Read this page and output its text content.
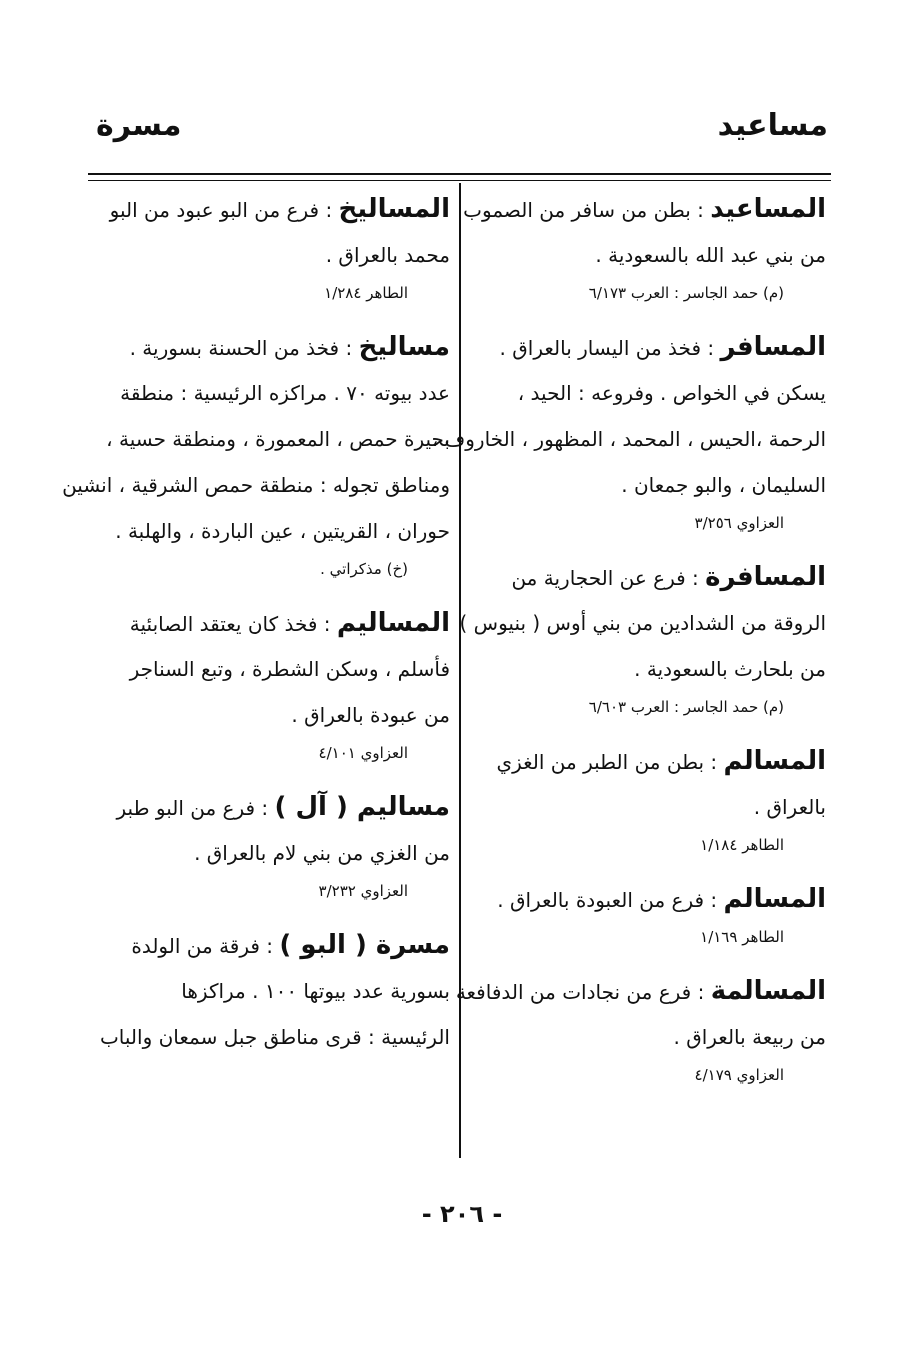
مساعيد
مسرة
المساعيد : بطن من سافر من الصموب
من بني عبد الله بالسعودية .
(م) حمد الجاسر : العرب ٦/١٧٣
المسافر : فخذ من اليسار بالعراق .
يسكن في الخواص . وفروعه : الحيد ،
الرحمة ،الحيس ، المحمد ، المظهور ، الخاروف ،
السليمان ، والبو جمعان .
العزاوي ٣/٢٥٦
المسافرة : فرع عن الحجارية من
الروقة من الشدادين من بني أوس ( بنيوس )
من بلحارث بالسعودية .
(م) حمد الجاسر : العرب ٦/٦٠٣
المسالم : بطن من الطبر من الغزي
بالعراق .
الطاهر ١/١٨٤
المسالم : فرع من العبودة بالعراق .
الطاهر ١/١٦٩
المسالمة : فرع من نجادات من الدفافعة
من ربيعة بالعراق .
العزاوي ٤/١٧٩
المساليخ : فرع من البو عبود من البو
محمد بالعراق .
الطاهر ١/٢٨٤
مساليخ : فخذ من الحسنة بسورية .
عدد بيوته ٧٠ . مراكزه الرئيسية : منطقة
بحيرة حمص ، المعمورة ، ومنطقة حسية ،
ومناطق تجوله : منطقة حمص الشرقية ، انشين
حوران ، القريتين ، عين الباردة ، والهلبة .
(خ) مذكراتي .
المساليم : فخذ كان يعتقد الصابئية
فأسلم ، وسكن الشطرة ، وتبع السناجر
من عبودة بالعراق .
العزاوي ٤/١٠١
مساليم ( آل ) : فرع من البو طبر
من الغزي من بني لام بالعراق .
العزاوي ٣/٢٣٢
مسرة ( البو ) : فرقة من الولدة
بسورية عدد بيوتها ١٠٠ . مراكزها
الرئيسية : قرى مناطق جبل سمعان والباب
- ٢٠٦ -
